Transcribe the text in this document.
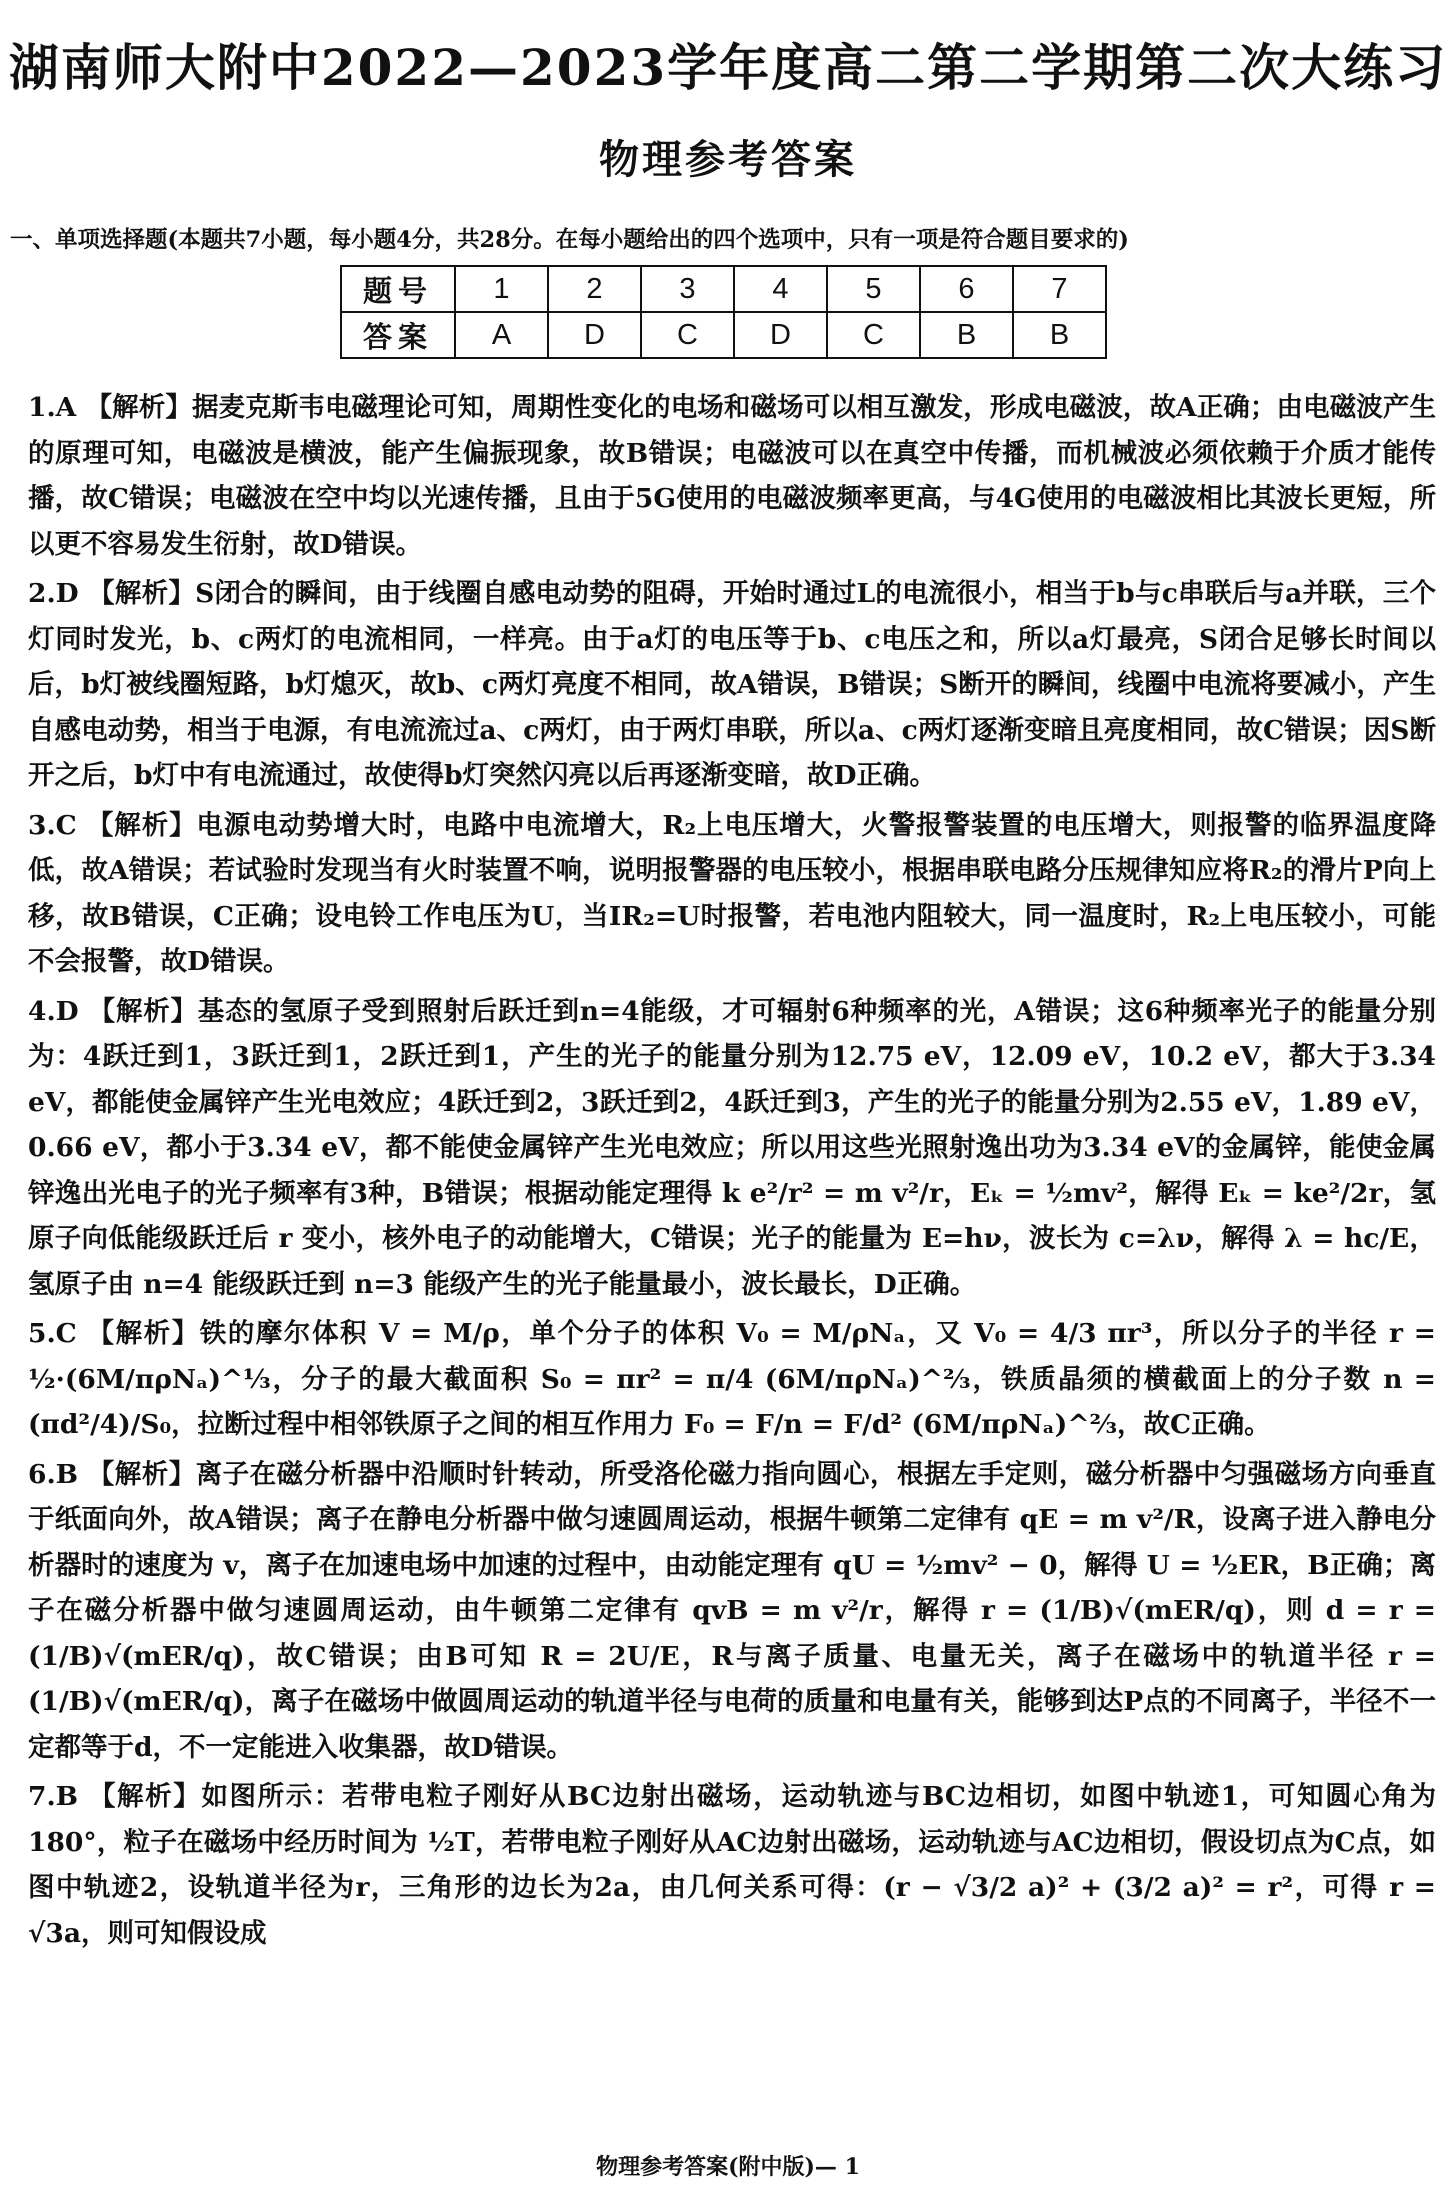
湖南师大附中2022—2023学年度高二第二学期第二次大练习
物理参考答案
一、单项选择题(本题共7小题，每小题4分，共28分。在每小题给出的四个选项中，只有一项是符合题目要求的)
题号	1	2	3	4	5	6	7
答案	A	D	C	D	C	B	B
1.A 【解析】据麦克斯韦电磁理论可知，周期性变化的电场和磁场可以相互激发，形成电磁波，故A正确；由电磁波产生的原理可知，电磁波是横波，能产生偏振现象，故B错误；电磁波可以在真空中传播，而机械波必须依赖于介质才能传播，故C错误；电磁波在空中均以光速传播，且由于5G使用的电磁波频率更高，与4G使用的电磁波相比其波长更短，所以更不容易发生衍射，故D错误。
2.D 【解析】S闭合的瞬间，由于线圈自感电动势的阻碍，开始时通过L的电流很小，相当于b与c串联后与a并联，三个灯同时发光，b、c两灯的电流相同，一样亮。由于a灯的电压等于b、c电压之和，所以a灯最亮，S闭合足够长时间以后，b灯被线圈短路，b灯熄灭，故b、c两灯亮度不相同，故A错误，B错误；S断开的瞬间，线圈中电流将要减小，产生自感电动势，相当于电源，有电流流过a、c两灯，由于两灯串联，所以a、c两灯逐渐变暗且亮度相同，故C错误；因S断开之后，b灯中有电流通过，故使得b灯突然闪亮以后再逐渐变暗，故D正确。
3.C 【解析】电源电动势增大时，电路中电流增大，R₂上电压增大，火警报警装置的电压增大，则报警的临界温度降低，故A错误；若试验时发现当有火时装置不响，说明报警器的电压较小，根据串联电路分压规律知应将R₂的滑片P向上移，故B错误，C正确；设电铃工作电压为U，当IR₂=U时报警，若电池内阻较大，同一温度时，R₂上电压较小，可能不会报警，故D错误。
4.D 【解析】基态的氢原子受到照射后跃迁到n=4能级，才可辐射6种频率的光，A错误；这6种频率光子的能量分别为：4跃迁到1，3跃迁到1，2跃迁到1，产生的光子的能量分别为12.75 eV，12.09 eV，10.2 eV，都大于3.34 eV，都能使金属锌产生光电效应；4跃迁到2，3跃迁到2，4跃迁到3，产生的光子的能量分别为2.55 eV，1.89 eV，0.66 eV，都小于3.34 eV，都不能使金属锌产生光电效应；所以用这些光照射逸出功为3.34 eV的金属锌，能使金属锌逸出光电子的光子频率有3种，B错误；根据动能定理得 k e²/r² = m v²/r，Eₖ = ½mv²，解得 Eₖ = ke²/2r，氢原子向低能级跃迁后 r 变小，核外电子的动能增大，C错误；光子的能量为 E=hν，波长为 c=λν，解得 λ = hc/E，氢原子由 n=4 能级跃迁到 n=3 能级产生的光子能量最小，波长最长，D正确。
5.C 【解析】铁的摩尔体积 V = M/ρ，单个分子的体积 V₀ = M/ρNₐ，又 V₀ = 4/3 πr³，所以分子的半径 r = ½·(6M/πρNₐ)^⅓，分子的最大截面积 S₀ = πr² = π/4 (6M/πρNₐ)^⅔，铁质晶须的横截面上的分子数 n = (πd²/4)/S₀，拉断过程中相邻铁原子之间的相互作用力 F₀ = F/n = F/d² (6M/πρNₐ)^⅔，故C正确。
6.B 【解析】离子在磁分析器中沿顺时针转动，所受洛伦磁力指向圆心，根据左手定则，磁分析器中匀强磁场方向垂直于纸面向外，故A错误；离子在静电分析器中做匀速圆周运动，根据牛顿第二定律有 qE = m v²/R，设离子进入静电分析器时的速度为 v，离子在加速电场中加速的过程中，由动能定理有 qU = ½mv² − 0，解得 U = ½ER，B正确；离子在磁分析器中做匀速圆周运动，由牛顿第二定律有 qvB = m v²/r，解得 r = (1/B)√(mER/q)，则 d = r = (1/B)√(mER/q)，故C错误；由B可知 R = 2U/E，R与离子质量、电量无关，离子在磁场中的轨道半径 r = (1/B)√(mER/q)，离子在磁场中做圆周运动的轨道半径与电荷的质量和电量有关，能够到达P点的不同离子，半径不一定都等于d，不一定能进入收集器，故D错误。
7.B 【解析】如图所示：若带电粒子刚好从BC边射出磁场，运动轨迹与BC边相切，如图中轨迹1，可知圆心角为180°，粒子在磁场中经历时间为 ½T，若带电粒子刚好从AC边射出磁场，运动轨迹与AC边相切，假设切点为C点，如图中轨迹2，设轨道半径为r，三角形的边长为2a，由几何关系可得：(r − √3/2 a)² + (3/2 a)² = r²，可得 r = √3a，则可知假设成
物理参考答案(附中版)— 1
